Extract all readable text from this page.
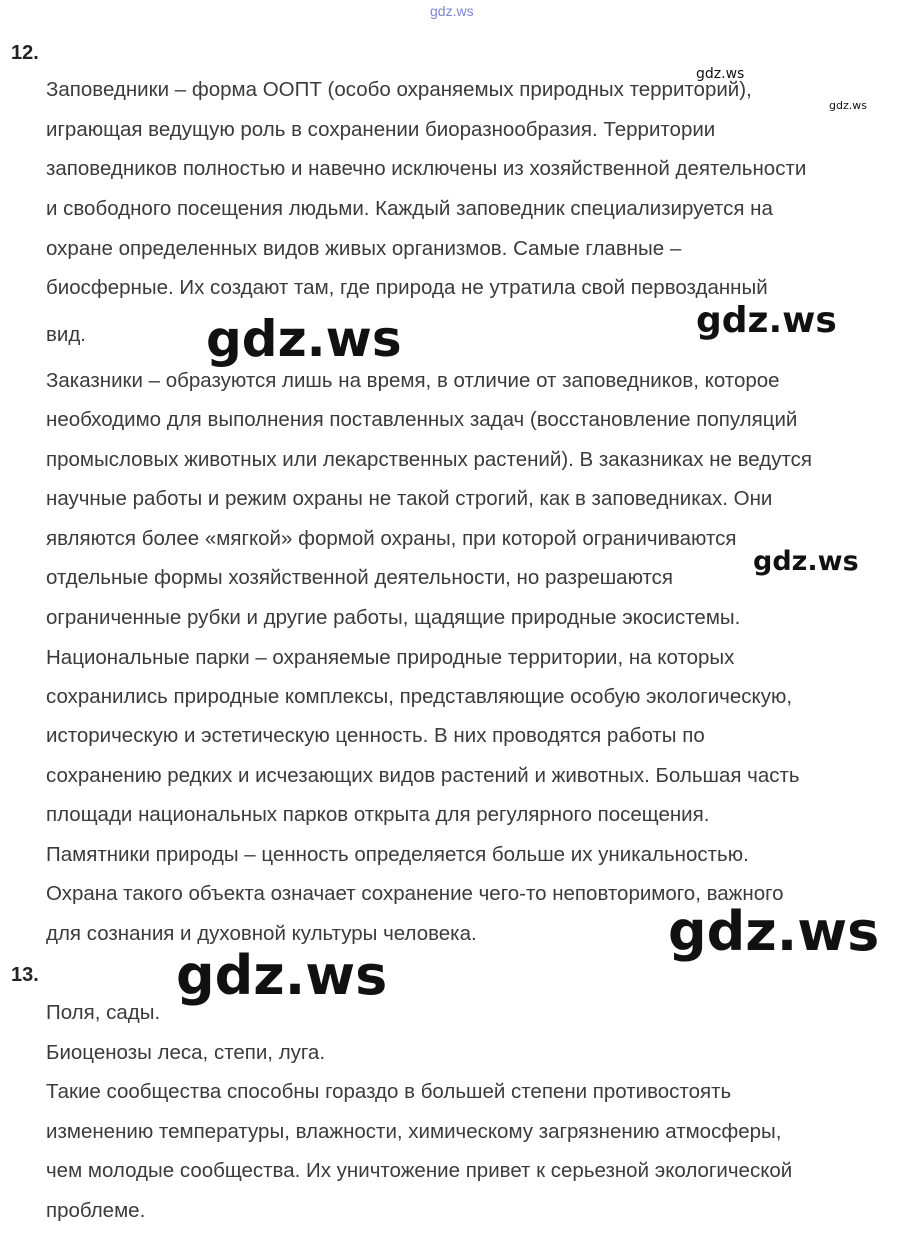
gdz.ws
12.
Заповедники – форма ООПТ (особо охраняемых природных территорий),
играющая ведущую роль в сохранении биоразнообразия. Территории
заповедников полностью и навечно исключены из хозяйственной деятельности
и свободного посещения людьми. Каждый заповедник специализируется на
охране определенных видов живых организмов. Самые главные –
биосферные. Их создают там, где природа не утратила свой первозданный
вид.
Заказники – образуются лишь на время, в отличие от заповедников, которое
необходимо для выполнения поставленных задач (восстановление популяций
промысловых животных или лекарственных растений). В заказниках не ведутся
научные работы и режим охраны не такой строгий, как в заповедниках. Они
являются более «мягкой» формой охраны, при которой ограничиваются
отдельные формы хозяйственной деятельности, но разрешаются
ограниченные рубки и другие работы, щадящие природные экосистемы.
Национальные парки – охраняемые природные территории, на которых
сохранились природные комплексы, представляющие особую экологическую,
историческую и эстетическую ценность. В них проводятся работы по
сохранению редких и исчезающих видов растений и животных. Большая часть
площади национальных парков открыта для регулярного посещения.
Памятники природы – ценность определяется больше их уникальностью.
Охрана такого объекта означает сохранение чего-то неповторимого, важного
для сознания и духовной культуры человека.
13.
Поля, сады.
Биоценозы леса, степи, луга.
Такие сообщества способны гораздо в большей степени противостоять
изменению температуры, влажности, химическому загрязнению атмосферы,
чем молодые сообщества. Их уничтожение привет к серьезной экологической
проблеме.
gdz.ws
gdz.ws
gdz.ws	gdz.ws
gdz.ws
gdz.ws
gdz.ws
